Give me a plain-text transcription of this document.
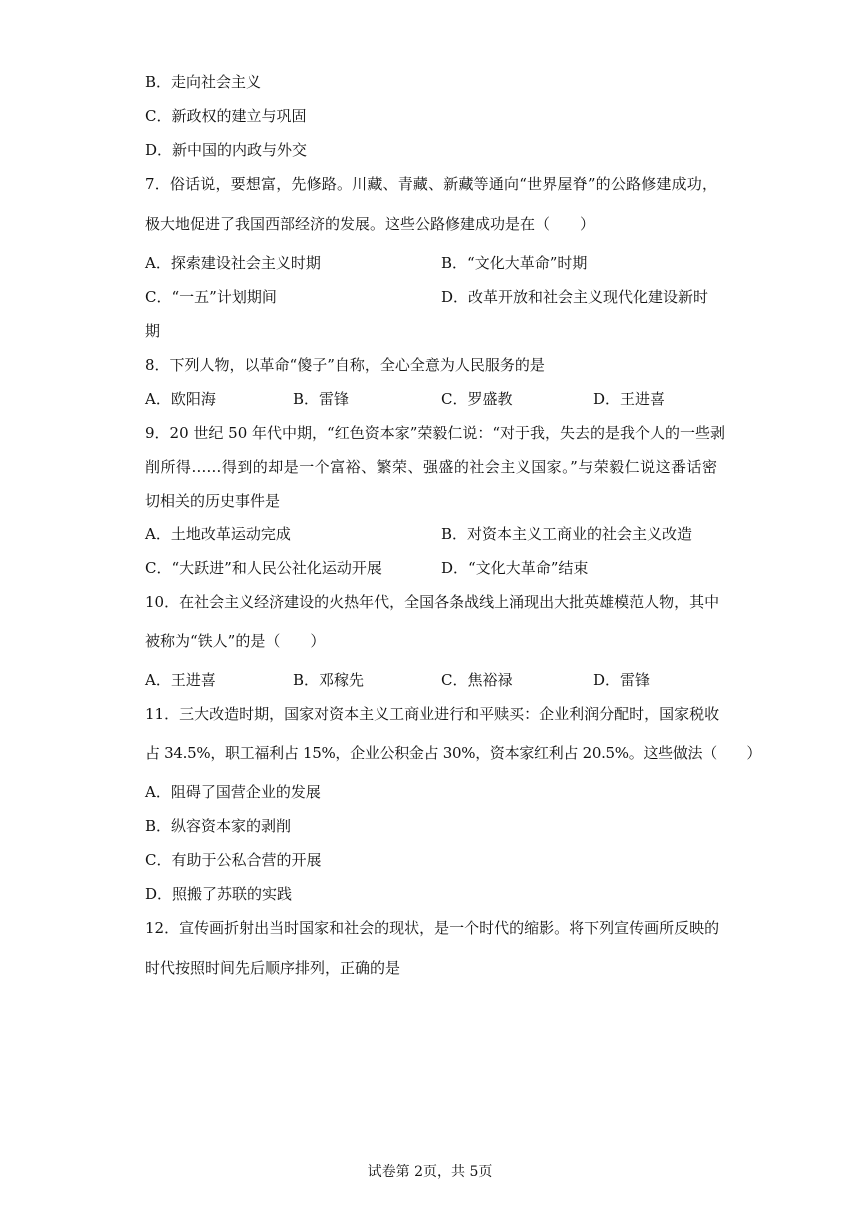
B．走向社会主义
C．新政权的建立与巩固
D．新中国的内政与外交
7．俗话说，要想富，先修路。川藏、青藏、新藏等通向“世界屋脊”的公路修建成功，
极大地促进了我国西部经济的发展。这些公路修建成功是在（　　）
A．探索建设社会主义时期	B．“文化大革命”时期
C．“一五”计划期间	D．改革开放和社会主义现代化建设新时
期
8．下列人物，以革命“傻子”自称，全心全意为人民服务的是
A．欧阳海	B．雷锋	C．罗盛教	D．王进喜
9．20 世纪 50 年代中期，“红色资本家”荣毅仁说：“对于我，失去的是我个人的一些剥
削所得……得到的却是一个富裕、繁荣、强盛的社会主义国家。”与荣毅仁说这番话密
切相关的历史事件是
A．土地改革运动完成	B．对资本主义工商业的社会主义改造
C．“大跃进”和人民公社化运动开展	D．“文化大革命”结束
10．在社会主义经济建设的火热年代，全国各条战线上涌现出大批英雄模范人物，其中
被称为“铁人”的是（　　）
A．王进喜	B．邓稼先	C．焦裕禄	D．雷锋
11．三大改造时期，国家对资本主义工商业进行和平赎买：企业利润分配时，国家税收
占 34.5%，职工福利占 15%，企业公积金占 30%，资本家红利占 20.5%。这些做法（　　）
A．阻碍了国营企业的发展
B．纵容资本家的剥削
C．有助于公私合营的开展
D．照搬了苏联的实践
12．宣传画折射出当时国家和社会的现状，是一个时代的缩影。将下列宣传画所反映的
时代按照时间先后顺序排列，正确的是
试卷第 2页，共 5页
